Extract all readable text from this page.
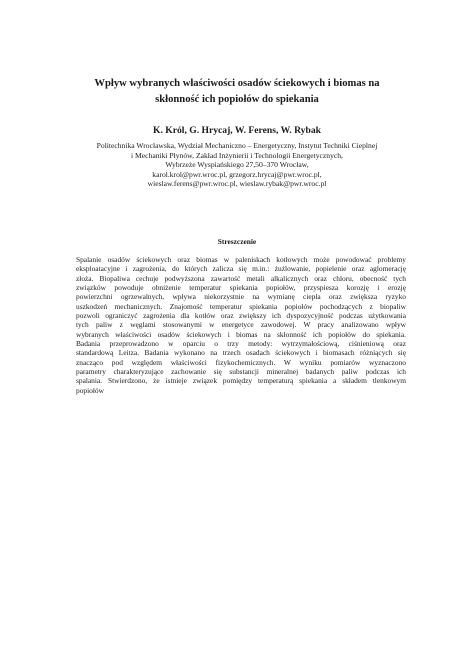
Wpływ wybranych właściwości osadów ściekowych i biomas na
skłonność ich popiołów do spiekania
K. Król, G. Hrycaj, W. Ferens, W. Rybak
Politechnika Wrocławska, Wydział Mechaniczno – Energetyczny, Instytut Techniki Cieplnej
i Mechaniki Płynów, Zakład Inżynierii i Technologii Energetycznych,
Wybrzeże Wyspiańskiego 27,50–370 Wrocław,
karol.krol@pwr.wroc.pl, grzegorz.hrycaj@pwr.wroc.pl,
wieslaw.ferens@pwr.wroc.pl, wieslaw.rybak@pwr.wroc.pl
Streszczenie
Spalanie osadów ściekowych oraz biomas w paleniskach kotłowych może powodować problemy
eksploatacyjne i zagrożenia, do których zalicza się m.in.: żużlowanie, popielenie oraz aglomerację
złoża. Biopaliwa cechuje podwyższona zawartość metali alkalicznych oraz chloru, obecność tych
związków powoduje obniżenie temperatur spiekania popiołów, przyspiesza korozję i erozję
powierzchni ogrzewalnych, wpływa niekorzystnie na wymianę ciepła oraz zwiększa ryzyko
uszkodzeń mechanicznych. Znajomość temperatur spiekania popiołów pochodzących z biopaliw
pozwoli ograniczyć zagrożenia dla kotłów oraz zwiększy ich dyspozycyjność podczas użytkowania
tych paliw z węglami stosowanymi w energetyce zawodowej. W pracy analizowano wpływ
wybranych właściwości osadów ściekowych i biomas na skłonność ich popiołów do spiekania.
Badania przeprowadzono w oparciu o trzy metody: wytrzymałościową, ciśnieniową oraz
standardową Leitza. Badania wykonano na trzech osadach ściekowych i biomasach różniących się
znacząco pod względem właściwości fizykochemicznych. W wyniku pomiarów wyznaczono
parametry charakteryzujące zachowanie się substancji mineralnej badanych paliw podczas ich
spalania. Stwierdzono, że istnieje związek pomiędzy temperaturą spiekania a składem tlenkowym
popiołów
